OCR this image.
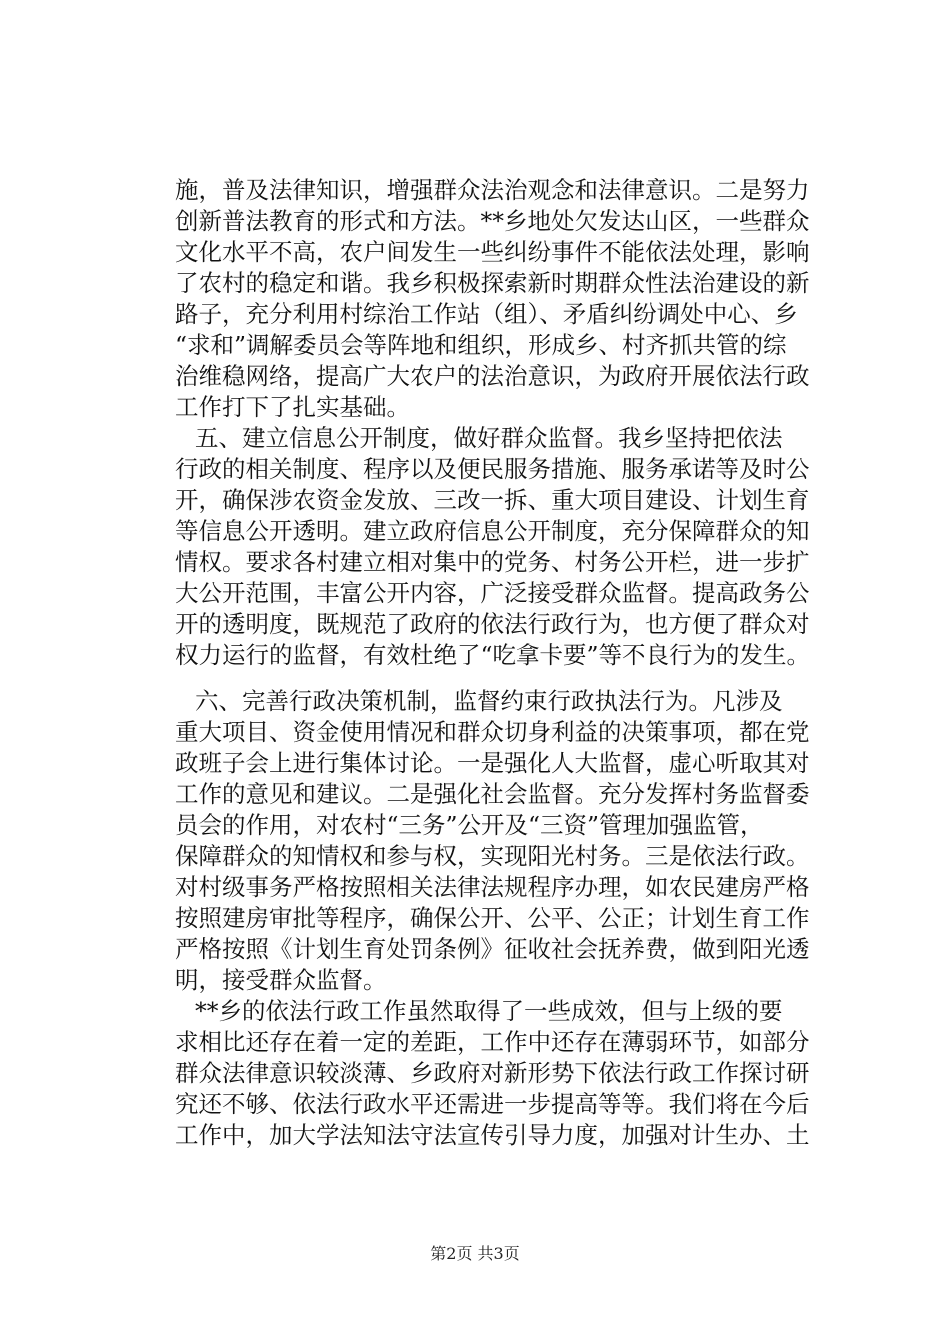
施，普及法律知识，增强群众法治观念和法律意识。二是努力
创新普法教育的形式和方法。**乡地处欠发达山区，一些群众
文化水平不高，农户间发生一些纠纷事件不能依法处理，影响
了农村的稳定和谐。我乡积极探索新时期群众性法治建设的新
路子，充分利用村综治工作站（组）、矛盾纠纷调处中心、乡
“求和”调解委员会等阵地和组织，形成乡、村齐抓共管的综
治维稳网络，提高广大农户的法治意识，为政府开展依法行政
工作打下了扎实基础。
五、建立信息公开制度，做好群众监督。我乡坚持把依法
行政的相关制度、程序以及便民服务措施、服务承诺等及时公
开，确保涉农资金发放、三改一拆、重大项目建设、计划生育
等信息公开透明。建立政府信息公开制度，充分保障群众的知
情权。要求各村建立相对集中的党务、村务公开栏，进一步扩
大公开范围，丰富公开内容，广泛接受群众监督。提高政务公
开的透明度，既规范了政府的依法行政行为，也方便了群众对
权力运行的监督，有效杜绝了“吃拿卡要”等不良行为的发生。
六、完善行政决策机制，监督约束行政执法行为。凡涉及
重大项目、资金使用情况和群众切身利益的决策事项，都在党
政班子会上进行集体讨论。一是强化人大监督，虚心听取其对
工作的意见和建议。二是强化社会监督。充分发挥村务监督委
员会的作用，对农村“三务”公开及“三资”管理加强监管，
保障群众的知情权和参与权，实现阳光村务。三是依法行政。
对村级事务严格按照相关法律法规程序办理，如农民建房严格
按照建房审批等程序，确保公开、公平、公正；计划生育工作
严格按照《计划生育处罚条例》征收社会抚养费，做到阳光透
明，接受群众监督。
**乡的依法行政工作虽然取得了一些成效，但与上级的要
求相比还存在着一定的差距，工作中还存在薄弱环节，如部分
群众法律意识较淡薄、乡政府对新形势下依法行政工作探讨研
究还不够、依法行政水平还需进一步提高等等。我们将在今后
工作中，加大学法知法守法宣传引导力度，加强对计生办、土
第2页 共3页
